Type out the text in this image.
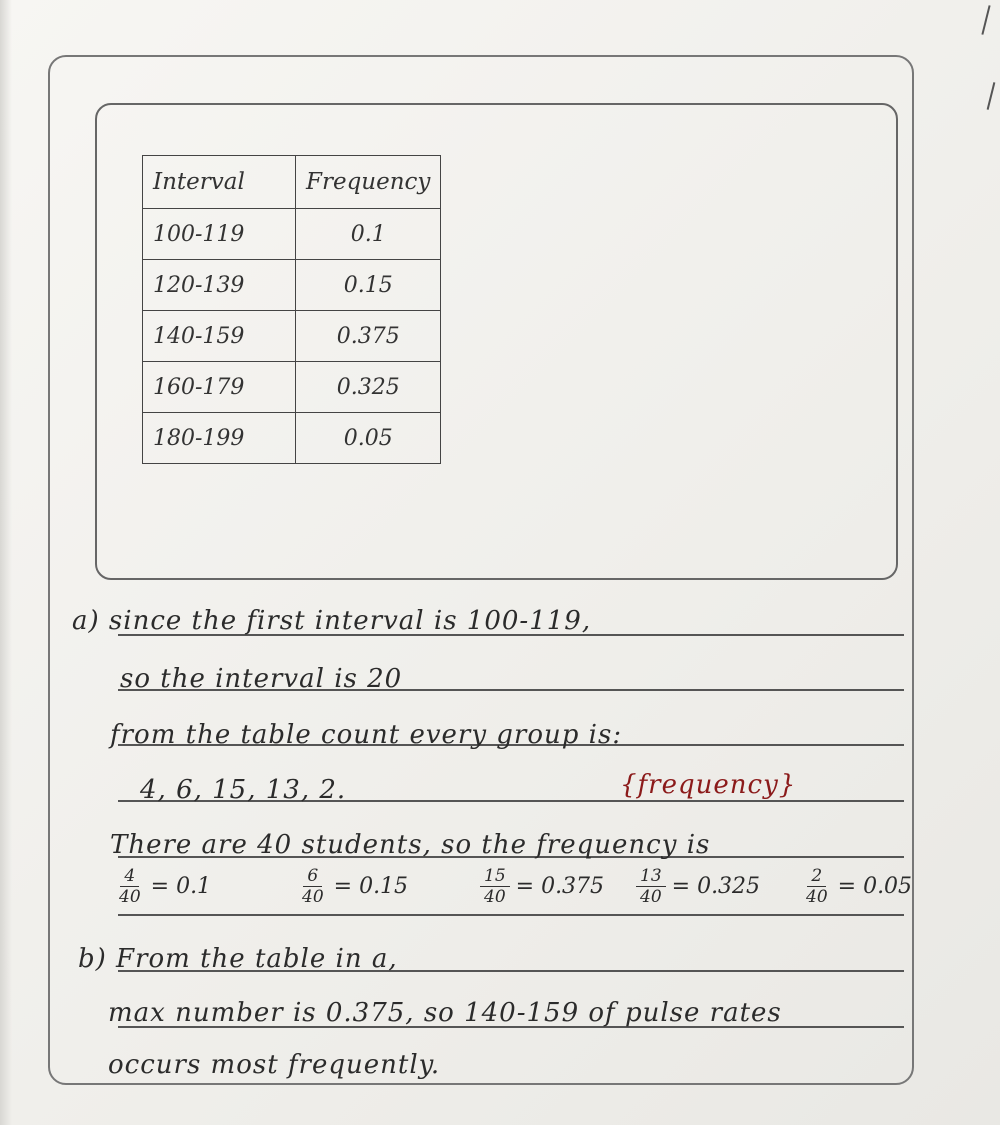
Interval	Frequency
100-119	0.1
120-139	0.15
140-159	0.375
160-179	0.325
180-199	0.05
a) since the first interval is 100-119,
so the interval is 20
from the table count every group is:
4, 6, 15, 13, 2.	{frequency}
There are 40 students, so the frequency is
$\frac{4}{40} = 0.1$	$\frac{6}{40} = 0.15$	$\frac{15}{40} = 0.375 \frac{13}{40} = 0.325 \frac{2}{40} = 0.05$
b) From the table in a,
max number is 0.375, so 140-159 of pulse rates
occurs most frequently.
